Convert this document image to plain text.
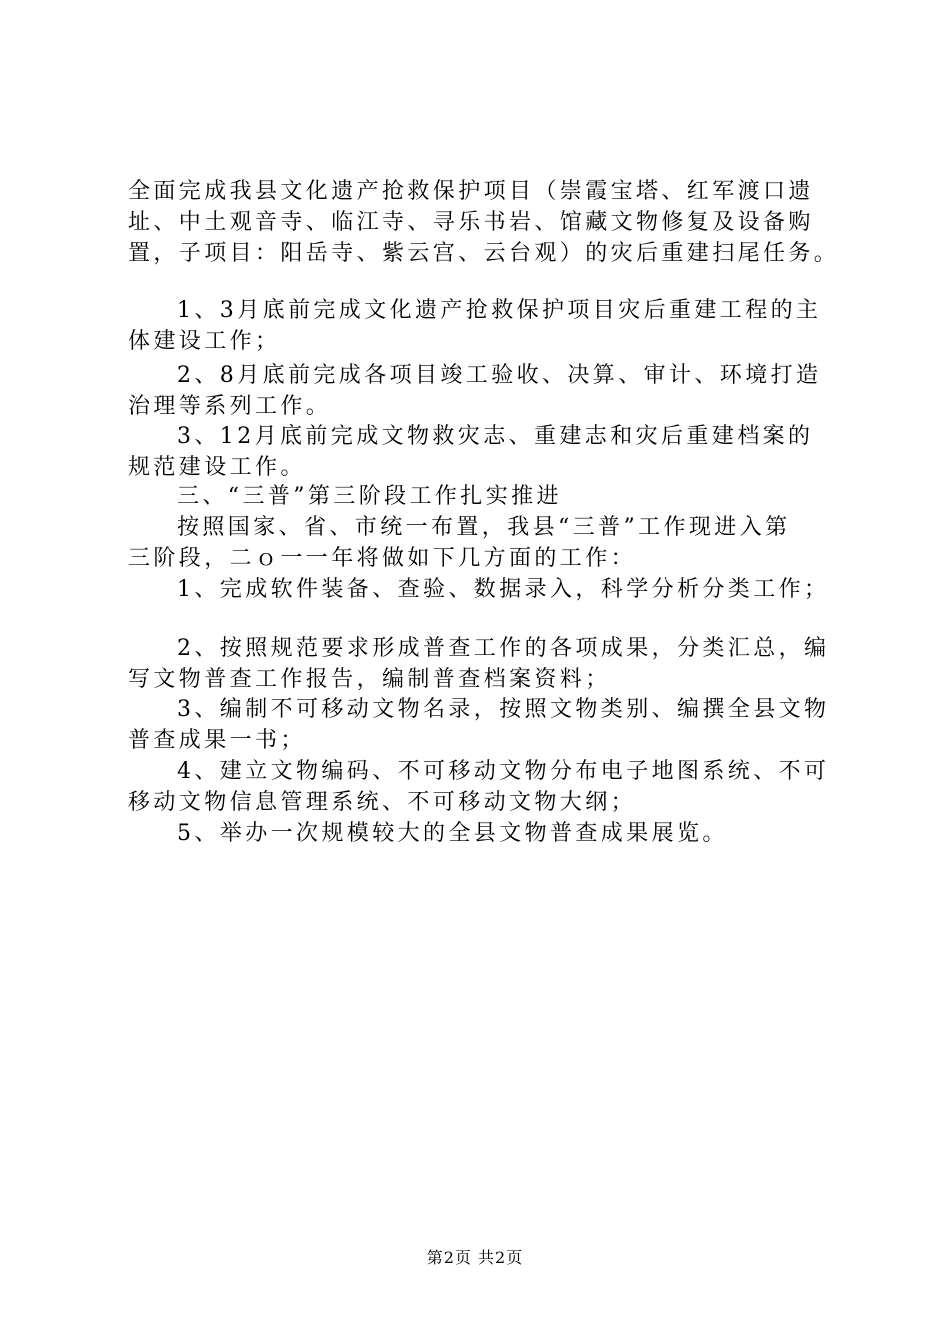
全面完成我县文化遗产抢救保护项目（崇霞宝塔、红军渡口遗
址、中土观音寺、临江寺、寻乐书岩、馆藏文物修复及设备购
置，子项目：阳岳寺、紫云宫、云台观）的灾后重建扫尾任务。
1、3月底前完成文化遗产抢救保护项目灾后重建工程的主
体建设工作；
2、8月底前完成各项目竣工验收、决算、审计、环境打造
治理等系列工作。
3、12月底前完成文物救灾志、重建志和灾后重建档案的
规范建设工作。
三、“三普”第三阶段工作扎实推进
按照国家、省、市统一布置，我县“三普”工作现进入第
三阶段，二ｏ一一年将做如下几方面的工作：
1、完成软件装备、查验、数据录入，科学分析分类工作；
2、按照规范要求形成普查工作的各项成果，分类汇总，编
写文物普查工作报告，编制普查档案资料；
3、编制不可移动文物名录，按照文物类别、编撰全县文物
普查成果一书；
4、建立文物编码、不可移动文物分布电子地图系统、不可
移动文物信息管理系统、不可移动文物大纲；
5、举办一次规模较大的全县文物普查成果展览。
第2页 共2页
